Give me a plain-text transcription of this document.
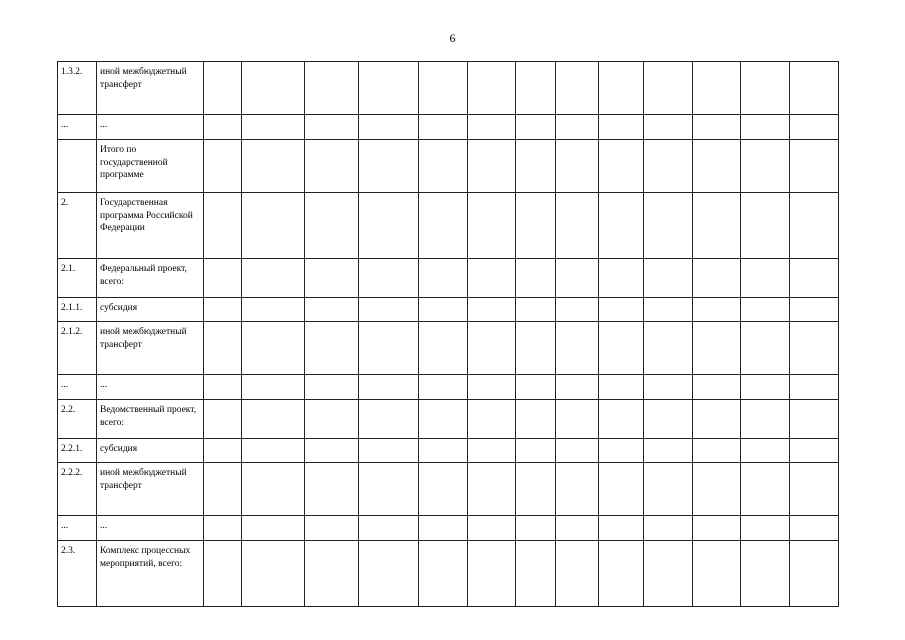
6
1.3.2.	иной межбюджетный трансферт													
...	...													
	Итого по государственной программе													
2.	Государственная программа Российской Федерации													
2.1.	Федеральный проект, всего:													
2.1.1.	субсидия													
2.1.2.	иной межбюджетный трансферт													
...	...													
2.2.	Ведомственный проект, всего:													
2.2.1.	субсидия													
2.2.2.	иной межбюджетный трансферт													
...	...													
2.3.	Комплекс процессных мероприятий, всего:													
